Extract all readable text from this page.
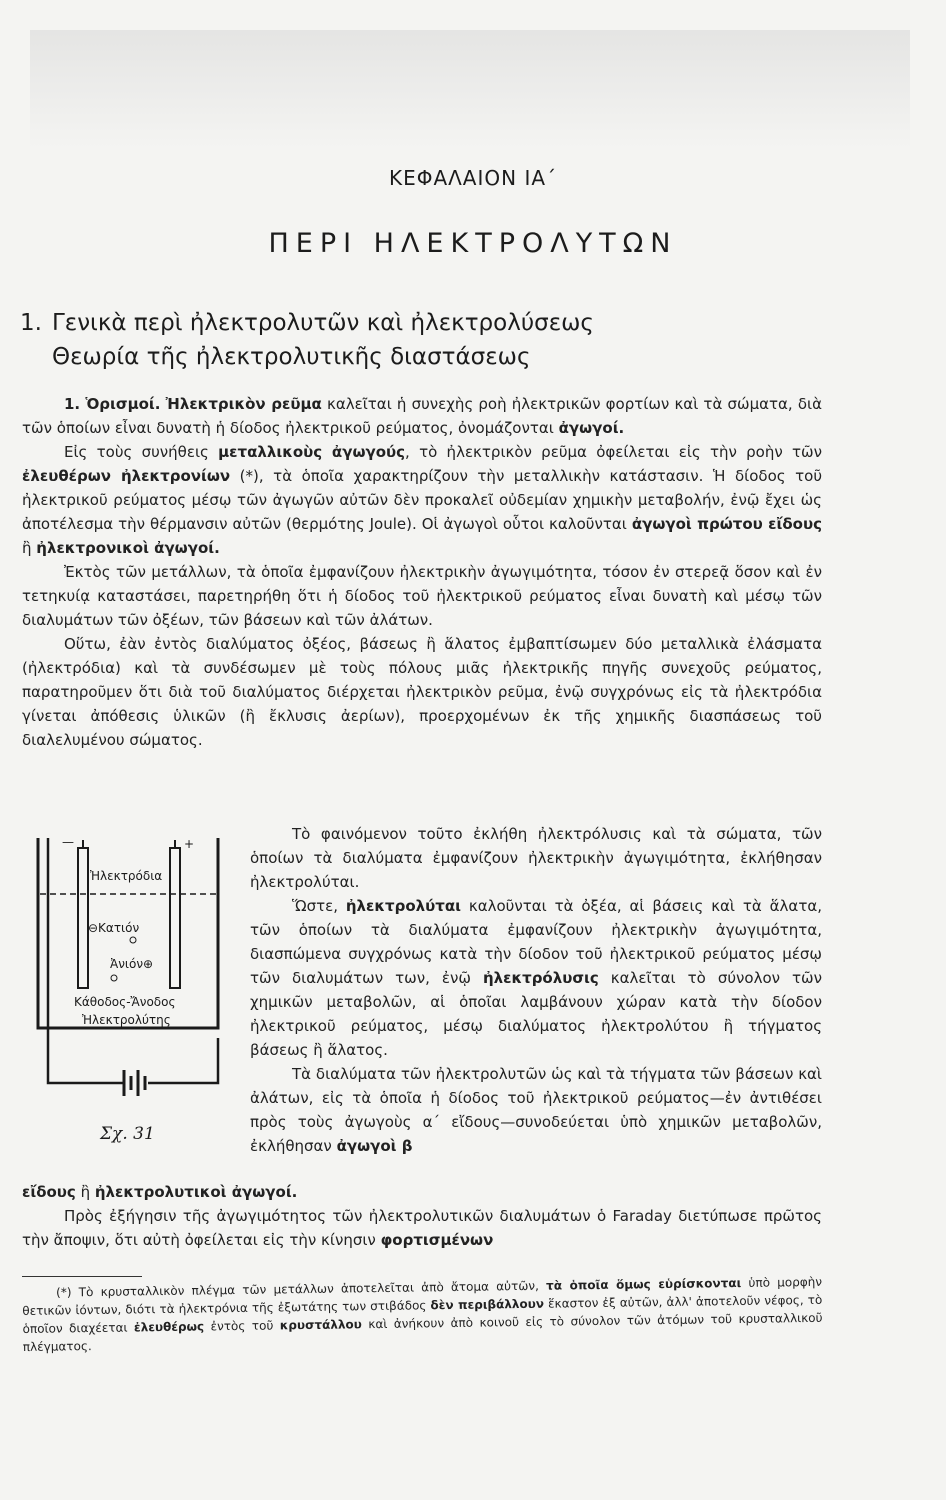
ΚΕΦΑΛΑΙΟΝ ΙΑ΄
ΠΕΡΙ ΗΛΕΚΤΡΟΛΥΤΩΝ
1. Γενικὰ περὶ ἠλεκτρολυτῶν καὶ ἠλεκτρολύσεως
Θεωρία τῆς ἠλεκτρολυτικῆς διαστάσεως
1. Ὁρισμοί. Ἠλεκτρικὸν ρεῦμα καλεῖται ἡ συνεχὴς ροὴ ἠλεκτρικῶν φορτίων καὶ τὰ σώματα, διὰ τῶν ὁποίων εἶναι δυνατὴ ἡ δίοδος ἠλεκτρικοῦ ρεύματος, ὀνομάζονται ἀγωγοί.
Εἰς τοὺς συνήθεις μεταλλικοὺς ἀγωγούς, τὸ ἠλεκτρικὸν ρεῦμα ὀφείλεται εἰς τὴν ροὴν τῶν ἐλευθέρων ἠλεκτρονίων (*), τὰ ὁποῖα χαρακτηρίζουν τὴν μεταλλικὴν κατάστασιν. Ἡ δίοδος τοῦ ἠλεκτρικοῦ ρεύματος μέσῳ τῶν ἀγωγῶν αὐτῶν δὲν προκαλεῖ οὐδεμίαν χημικὴν μεταβολήν, ἐνῷ ἔχει ὡς ἀποτέλεσμα τὴν θέρμανσιν αὐτῶν (θερμότης Joule). Οἱ ἀγωγοὶ οὗτοι καλοῦνται ἀγωγοὶ πρώτου εἴδους ἢ ἠλεκτρονικοὶ ἀγωγοί.
Ἐκτὸς τῶν μετάλλων, τὰ ὁποῖα ἐμφανίζουν ἠλεκτρικὴν ἀγωγιμότητα, τόσον ἐν στερεᾷ ὅσον καὶ ἐν τετηκυίᾳ καταστάσει, παρετηρήθη ὅτι ἡ δίοδος τοῦ ἠλεκτρικοῦ ρεύματος εἶναι δυνατὴ καὶ μέσῳ τῶν διαλυμάτων τῶν ὀξέων, τῶν βάσεων καὶ τῶν ἀλάτων.
Οὕτω, ἐὰν ἐντὸς διαλύματος ὀξέος, βάσεως ἢ ἅλατος ἐμβαπτίσωμεν δύο μεταλλικὰ ἐλάσματα (ἠλεκτρόδια) καὶ τὰ συνδέσωμεν μὲ τοὺς πόλους μιᾶς ἠλεκτρικῆς πηγῆς συνεχοῦς ρεύματος, παρατηροῦμεν ὅτι διὰ τοῦ διαλύματος διέρχεται ἠλεκτρικὸν ρεῦμα, ἐνῷ συγχρόνως εἰς τὰ ἠλεκτρόδια γίνεται ἀπόθεσις ὑλικῶν (ἢ ἔκλυσις ἀερίων), προερχομένων ἐκ τῆς χημικῆς διασπάσεως τοῦ διαλελυμένου σώματος.
—	+
Ἠλεκτρόδια
⊖Κατιόν
Ἀνιόν⊕
Κάθοδος-Ἄνοδος
Ἠλεκτρολύτης
Σχ. 31
Τὸ φαινόμενον τοῦτο ἐκλήθη ἠλεκτρόλυσις καὶ τὰ σώματα, τῶν ὁποίων τὰ διαλύματα ἐμφανίζουν ἠλεκτρικὴν ἀγωγιμότητα, ἐκλήθησαν ἠλεκτρολύται.
Ὥστε, ἠλεκτρολύται καλοῦνται τὰ ὀξέα, αἱ βάσεις καὶ τὰ ἅλατα, τῶν ὁποίων τὰ διαλύματα ἐμφανίζουν ἠλεκτρικὴν ἀγωγιμότητα, διασπώμενα συγχρόνως κατὰ τὴν δίοδον τοῦ ἠλεκτρικοῦ ρεύματος μέσῳ τῶν διαλυμάτων των, ἐνῷ ἠλεκτρόλυσις καλεῖται τὸ σύνολον τῶν χημικῶν μεταβολῶν, αἱ ὁποῖαι λαμβάνουν χώραν κατὰ τὴν δίοδον ἠλεκτρικοῦ ρεύματος, μέσῳ διαλύματος ἠλεκτρολύτου ἢ τήγματος βάσεως ἢ ἅλατος.
Τὰ διαλύματα τῶν ἠλεκτρολυτῶν ὡς καὶ τὰ τήγματα τῶν βάσεων καὶ ἀλάτων, εἰς τὰ ὁποῖα ἡ δίοδος τοῦ ἠλεκτρικοῦ ρεύματος—ἐν ἀντιθέσει πρὸς τοὺς ἀγωγοὺς α΄ εἴδους—συνοδεύεται ὑπὸ χημικῶν μεταβολῶν, ἐκλήθησαν ἀγωγοὶ β
εἴδους ἢ ἠλεκτρολυτικοὶ ἀγωγοί.
Πρὸς ἐξήγησιν τῆς ἀγωγιμότητος τῶν ἠλεκτρολυτικῶν διαλυμάτων ὁ Faraday διετύπωσε πρῶτος τὴν ἄποψιν, ὅτι αὐτὴ ὀφείλεται εἰς τὴν κίνησιν φορτισμένων
(*) Τὸ κρυσταλλικὸν πλέγμα τῶν μετάλλων ἀποτελεῖται ἀπὸ ἄτομα αὐτῶν, τὰ ὁποῖα ὅμως εὑρίσκονται ὑπὸ μορφὴν θετικῶν ἰόντων, διότι τὰ ἠλεκτρόνια τῆς ἐξωτάτης των στιβάδος δὲν περιβάλλουν ἕκαστον ἐξ αὐτῶν, ἀλλ' ἀποτελοῦν νέφος, τὸ ὁποῖον διαχέεται ἐλευθέρως ἐντὸς τοῦ κρυστάλλου καὶ ἀνήκουν ἀπὸ κοινοῦ εἰς τὸ σύνολον τῶν ἀτόμων τοῦ κρυσταλλικοῦ πλέγματος.
